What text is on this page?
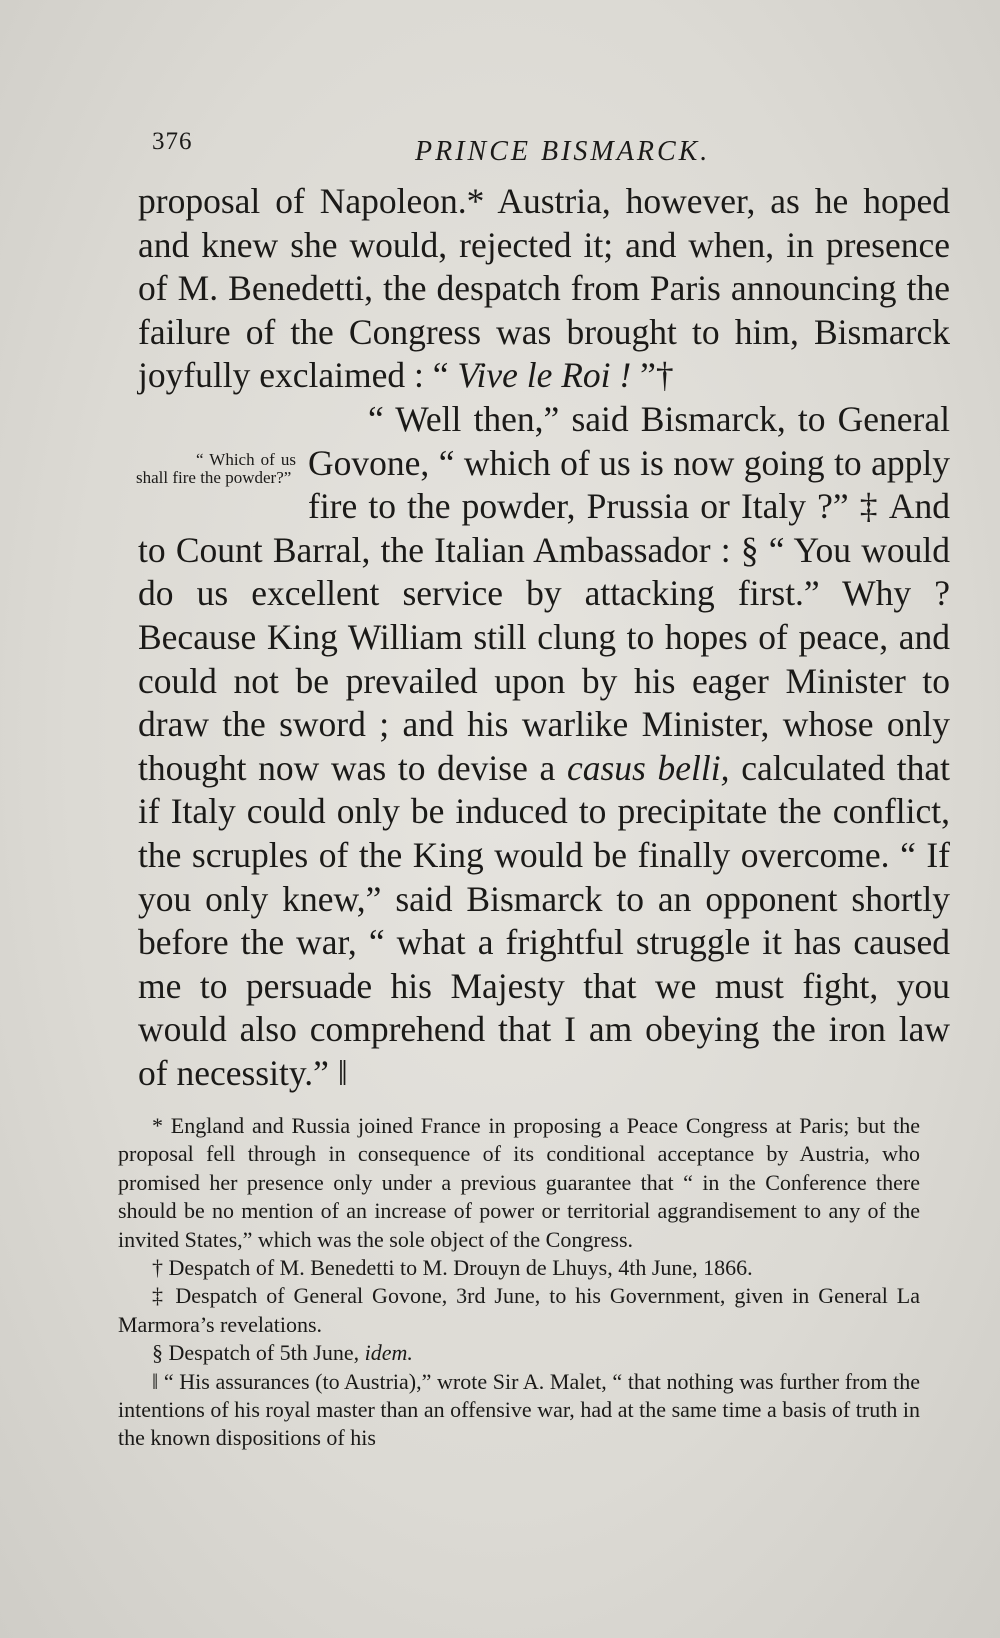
376	PRINCE BISMARCK.

proposal of Napoleon.* Austria, however, as he hoped and knew she would, rejected it; and when, in presence of M. Benedetti, the despatch from Paris announcing the failure of the Congress was brought to him, Bismarck joyfully exclaimed : “ Vive le Roi ! ”†

“ Which of us shall fire the powder?”
“ Well then,” said Bismarck, to General Govone, “ which of us is now going to apply fire to the powder, Prussia or Italy ?” ‡ And to Count Barral, the Italian Ambassador : § “ You would do us excellent service by attacking first.” Why ? Because King William still clung to hopes of peace, and could not be prevailed upon by his eager Minister to draw the sword ; and his warlike Minister, whose only thought now was to devise a casus belli, calculated that if Italy could only be induced to precipitate the conflict, the scruples of the King would be finally overcome. “ If you only knew,” said Bismarck to an opponent shortly before the war, “ what a frightful struggle it has caused me to persuade his Majesty that we must fight, you would also comprehend that I am obeying the iron law of necessity.” ‖

* England and Russia joined France in proposing a Peace Congress at Paris; but the proposal fell through in consequence of its conditional acceptance by Austria, who promised her presence only under a previous guarantee that “ in the Conference there should be no mention of an increase of power or territorial aggrandisement to any of the invited States,” which was the sole object of the Congress.

† Despatch of M. Benedetti to M. Drouyn de Lhuys, 4th June, 1866.

‡ Despatch of General Govone, 3rd June, to his Government, given in General La Marmora’s revelations.

§ Despatch of 5th June, idem.

‖ “ His assurances (to Austria),” wrote Sir A. Malet, “ that nothing was further from the intentions of his royal master than an offensive war, had at the same time a basis of truth in the known dispositions of his
